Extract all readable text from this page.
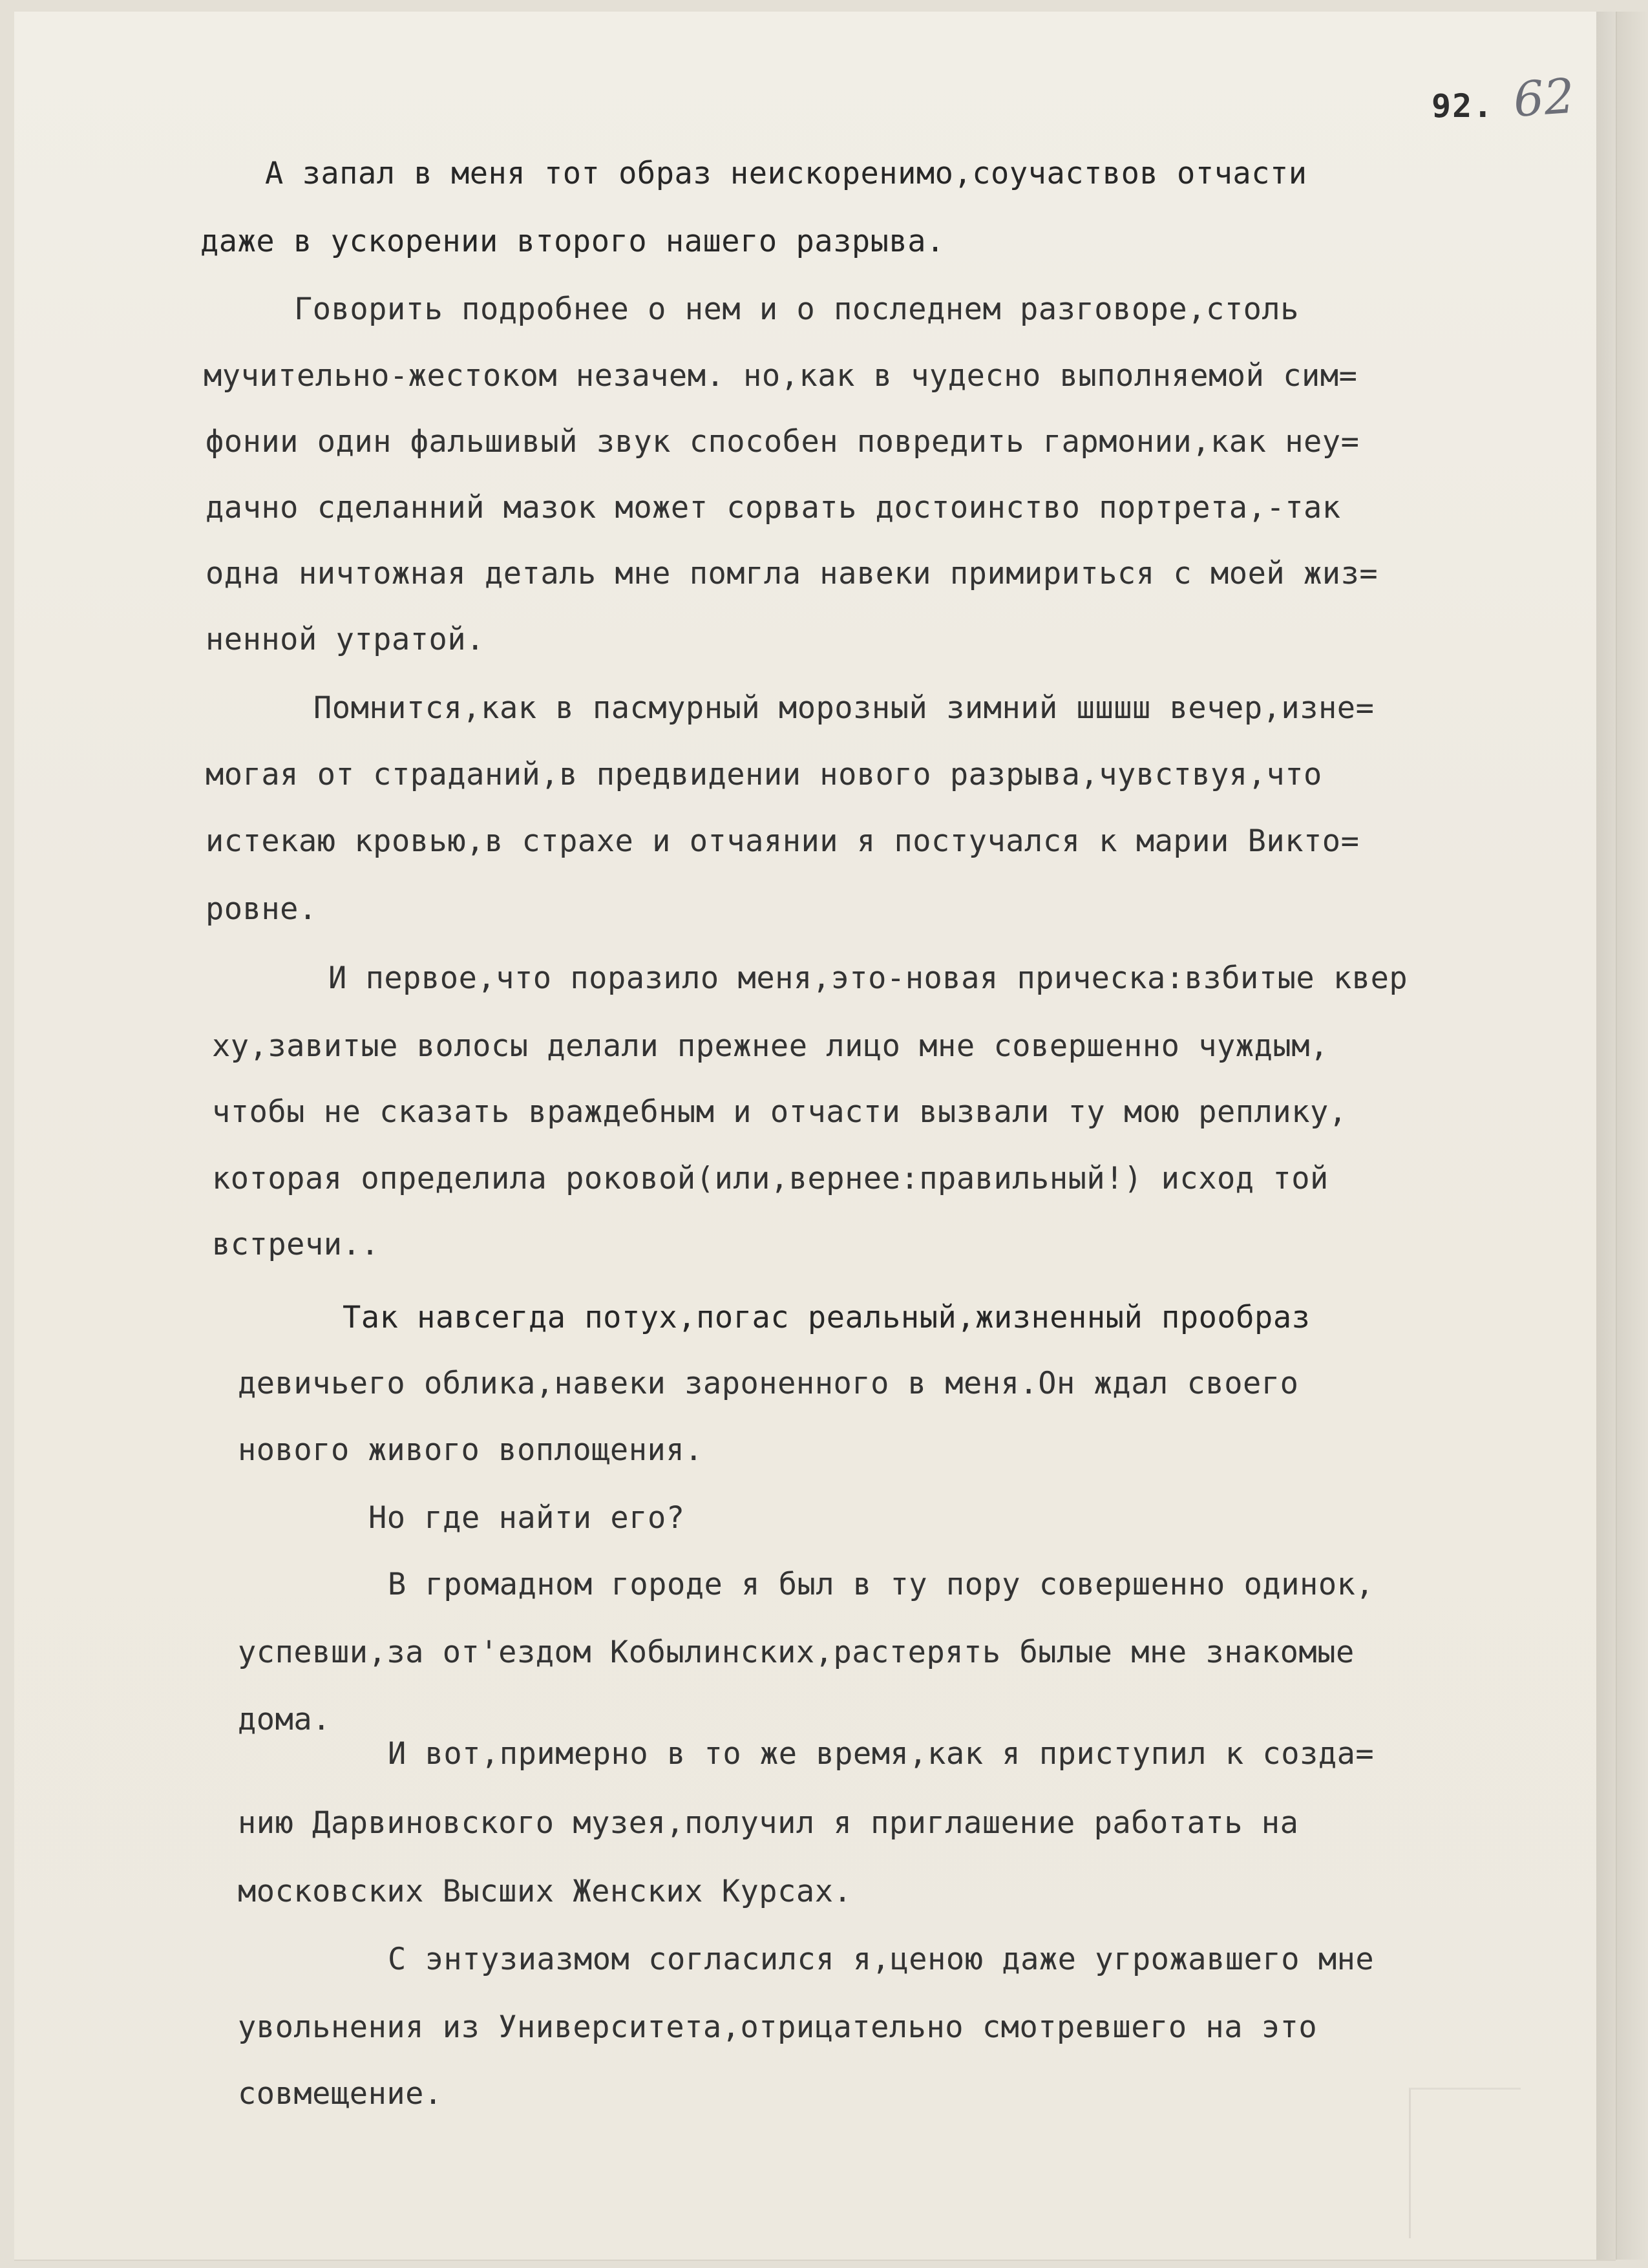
92. 62
А запал в меня тот образ неискоренимо,соучаствов отчасти
даже в ускорении второго нашего разрыва.
Говорить подробнее о нем и о последнем разговоре,столь
мучительно-жестоком незачем. но,как в чудесно выполняемой сим=
фонии один фальшивый звук способен повредить гармонии,как неу=
дачно сделанний мазок может сорвать достоинство портрета,-так
одна ничтожная деталь мне помгла навеки примириться с моей жиз=
ненной утратой.
Помнится,как в пасмурный морозный зимний шшшш вечер,изне=
могая от страданий,в предвидении нового разрыва,чувствуя,что
истекаю кровью,в страхе и отчаянии я постучался к марии Викто=
ровне.
И первое,что поразило меня,это-новая прическа:взбитые квер
ху,завитые волосы делали прежнее лицо мне совершенно чуждым,
чтобы не сказать враждебным и отчасти вызвали ту мою реплику,
которая определила роковой(или,вернее:правильный!) исход той
встречи..
Так навсегда потух,погас реальный,жизненный прообраз
девичьего облика,навеки зароненного в меня.Он ждал своего
нового живого воплощения.
Но где найти его?
В громадном городе я был в ту пору совершенно одинок,
успевши,за от'ездом Кобылинских,растерять былые мне знакомые
дома.
И вот,примерно в то же время,как я приступил к созда=
нию Дарвиновского музея,получил я приглашение работать на
московских Высших Женских Курсах.
С энтузиазмом согласился я,ценою даже угрожавшего мне
увольнения из Университета,отрицательно смотревшего на это
совмещение.
